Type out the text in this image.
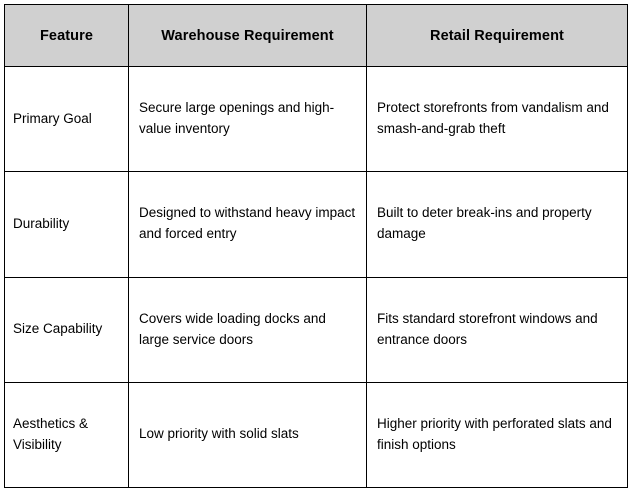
Feature	Warehouse Requirement	Retail Requirement
Primary Goal	Secure large openings and high-value inventory	Protect storefronts from vandalism and smash-and-grab theft
Durability	Designed to withstand heavy impact and forced entry	Built to deter break-ins and property damage
Size Capability	Covers wide loading docks and large service doors	Fits standard storefront windows and entrance doors
Aesthetics & Visibility	Low priority with solid slats	Higher priority with perforated slats and finish options
